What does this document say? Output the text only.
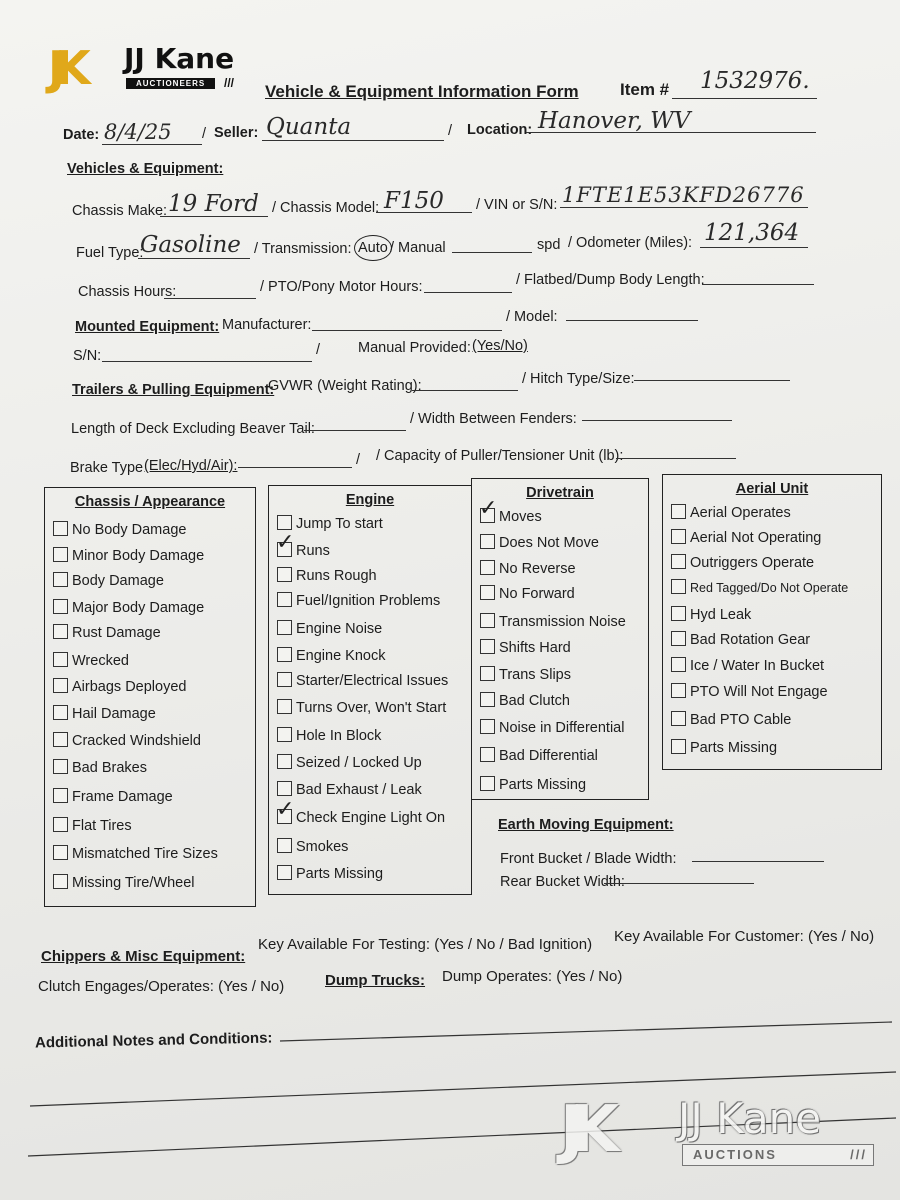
JK	JJ Kane
AUCTIONEERS	/// Vehicle & Equipment Information Form Item # 1532976.
Date: 8/4/25 / Seller: Quanta	/ Location: Hanover, WV
Vehicles & Equipment:
Chassis Make: 19 Ford / Chassis Model: F150 / VIN or S/N: 1FTE1E53KFD26776
Fuel Type:
Gasoline / Transmission: Auto / Manual	spd / Odometer (Miles): 121,364
Chassis Hours:	/ PTO/Pony Motor Hours:	/ Flatbed/Dump Body Length:
Mounted Equipment: Manufacturer:	/ Model:
S/N:	/	Manual Provided: (Yes/No)
Trailers & Pulling Equipment:
GVWR (Weight Rating):	/ Hitch Type/Size:
Length of Deck Excluding Beaver Tail:
/ Width Between Fenders:
Brake Type (Elec/Hyd/Air):	/ / Capacity of Puller/Tensioner Unit (lb):
Chassis / Appearance
No Body Damage
Minor Body Damage
Body Damage
Major Body Damage
Rust Damage
Wrecked
Airbags Deployed
Hail Damage
Cracked Windshield
Bad Brakes
Frame Damage
Flat Tires
Mismatched Tire Sizes
Missing Tire/Wheel
Engine
Jump To start
✓ Runs
Runs Rough
Fuel/Ignition Problems
Engine Noise
Engine Knock
Starter/Electrical Issues
Turns Over, Won't Start
Hole In Block
Seized / Locked Up
Bad Exhaust / Leak
✓ Check Engine Light On
Smokes
Parts Missing
Drivetrain
✓ Moves
Does Not Move
No Reverse
No Forward
Transmission Noise
Shifts Hard
Trans Slips
Bad Clutch
Noise in Differential
Bad Differential
Parts Missing
Aerial Unit
Aerial Operates
Aerial Not Operating
Outriggers Operate
Red Tagged/Do Not Operate
Hyd Leak
Bad Rotation Gear
Ice / Water In Bucket
PTO Will Not Engage
Bad PTO Cable
Parts Missing
Earth Moving Equipment:
Front Bucket / Blade Width:
Rear Bucket Width:
Chippers & Misc Equipment:
Key Available For Testing: (Yes / No / Bad Ignition) Key Available For Customer: (Yes / No)
Clutch Engages/Operates: (Yes / No)	Dump Trucks: Dump Operates: (Yes / No)
Additional Notes and Conditions:
JK	JJ Kane
AUCTIONS	///
